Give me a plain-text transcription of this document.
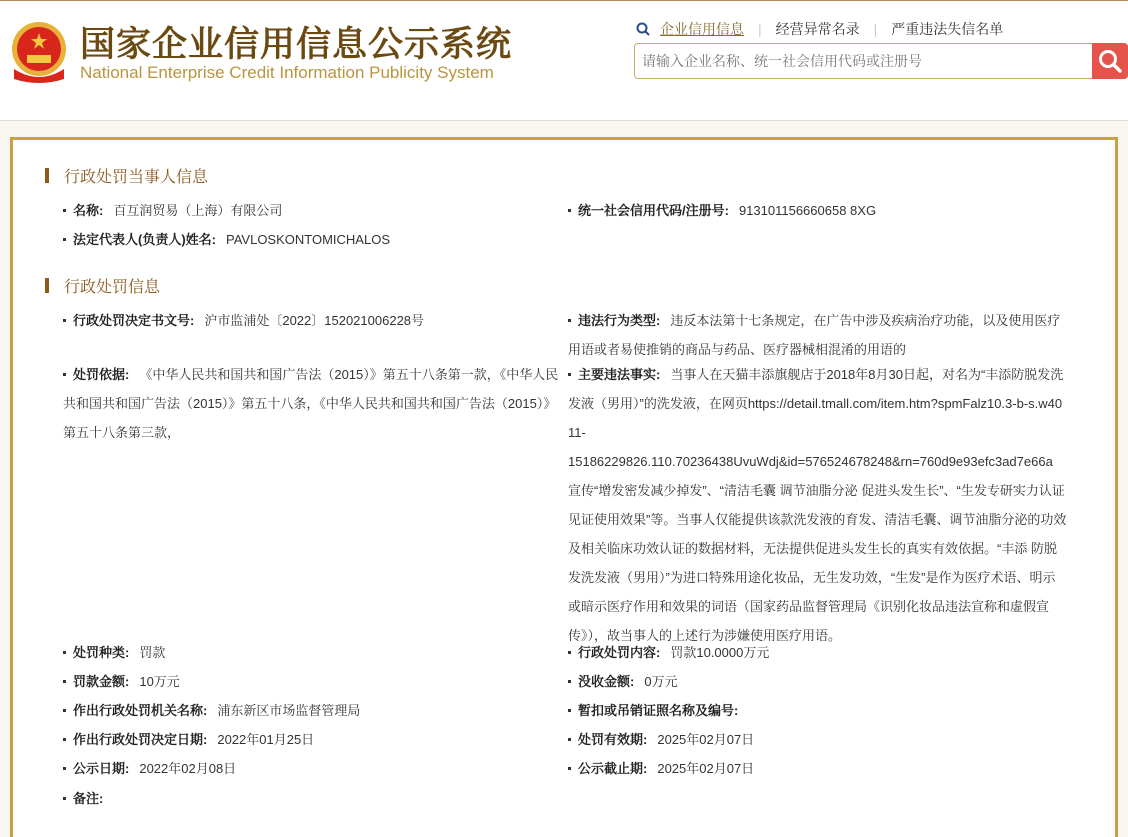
国家企业信用信息公示系统
National Enterprise Credit Information Publicity System
企业信用信息 | 经营异常名录 | 严重违法失信名单
请输入企业名称、统一社会信用代码或注册号
行政处罚当事人信息
名称: 百互润贸易（上海）有限公司	统一社会信用代码/注册号: 913101156660658 8XG
法定代表人(负责人)姓名: PAVLOSKONTOMICHALOS
行政处罚信息
行政处罚决定书文号: 沪市监浦处〔2022〕152021006228号	违法行为类型: 违反本法第十七条规定，在广告中涉及疾病治疗功能，以及使用医疗用语或者易使推销的商品与药品、医疗器械相混淆的用语的
处罚依据: 《中华人民共和国共和国广告法（2015）》第五十八条第一款，《中华人民共和国共和国广告法（2015）》第五十八条，《中华人民共和国共和国广告法（2015）》第五十八条第三款，
主要违法事实: 当事人在天猫丰添旗舰店于2018年8月30日起，对名为“丰添防脱发洗发液（男用）”的洗发液，在网页https://detail.tmall.com/item.htm?spmFalz10.3-b-s.w4011-
15186229826.110.70236438UvuWdj&id=576524678248&rn=760d9e93efc3ad7e66a
宣传“增发密发减少掉发”、“清洁毛囊 调节油脂分泌 促进头发生长”、“生发专研实力认证 见证使用效果”等。当事人仅能提供该款洗发液的育发、清洁毛囊、调节油脂分泌的功效及相关临床功效认证的数据材料，无法提供促进头发生长的真实有效依据。“丰添 防脱发洗发液（男用）”为进口特殊用途化妆品，无生发功效，“生发”是作为医疗术语、明示或暗示医疗作用和效果的词语（国家药品监督管理局《识别化妆品违法宣称和虚假宣传》），故当事人的上述行为涉嫌使用医疗用语。
处罚种类: 罚款	行政处罚内容: 罚款10.0000万元
罚款金额: 10万元	没收金额: 0万元
作出行政处罚机关名称: 浦东新区市场监督管理局	暂扣或吊销证照名称及编号:
作出行政处罚决定日期: 2022年01月25日	处罚有效期: 2025年02月07日
公示日期: 2022年02月08日	公示截止期: 2025年02月07日
备注:
